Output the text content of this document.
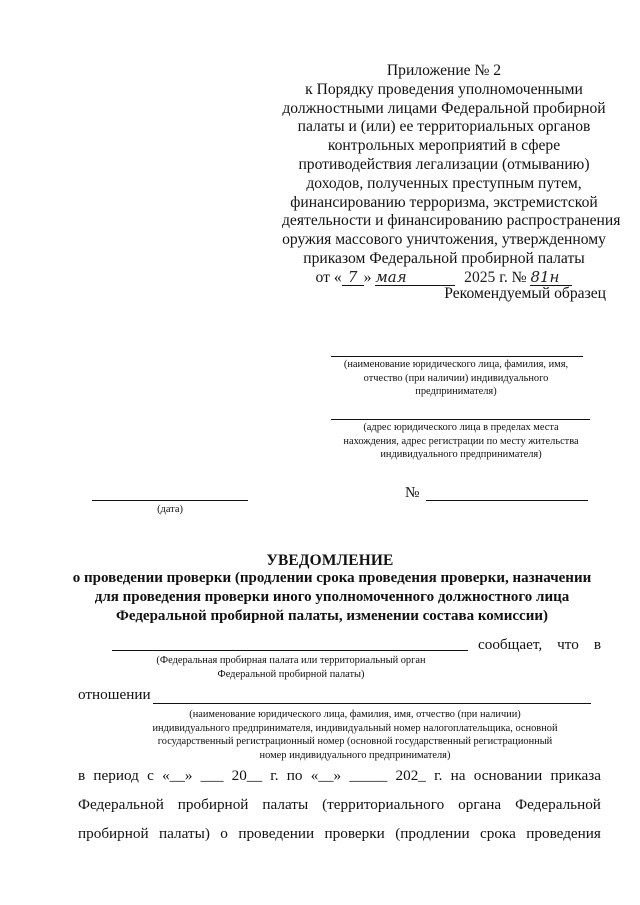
Приложение № 2
к Порядку проведения уполномоченными
должностными лицами Федеральной пробирной
палаты и (или) ее территориальных органов
контрольных мероприятий в сфере
противодействия легализации (отмыванию)
доходов, полученных преступным путем,
финансированию терроризма, экстремистской
деятельности и финансированию распространения
оружия массового уничтожения, утвержденному
приказом Федеральной пробирной палаты
от « 7 » мая	2025 г. № 81н
Рекомендуемый образец
(наименование юридического лица, фамилия, имя,
отчество (при наличии) индивидуального
предпринимателя)
(адрес юридического лица в пределах места
нахождения, адрес регистрации по месту жительства
индивидуального предпринимателя)
(дата)
№
УВЕДОМЛЕНИЕ
о проведении проверки (продлении срока проведения проверки, назначении
для проведения проверки иного уполномоченного должностного лица
Федеральной пробирной палаты, изменении состава комиссии)
сообщает, что в
(Федеральная пробирная палата или территориальный орган
Федеральной пробирной палаты)
отношении
(наименование юридического лица, фамилия, имя, отчество (при наличии)
индивидуального предпринимателя, индивидуальный номер налогоплательщика, основной
государственный регистрационный номер (основной государственный регистрационный
номер индивидуального предпринимателя)
в период с «__» ___ 20__ г. по «__» _____ 202_ г. на основании приказа
Федеральной пробирной палаты (территориального органа Федеральной
пробирной палаты) о проведении проверки (продлении срока проведения
